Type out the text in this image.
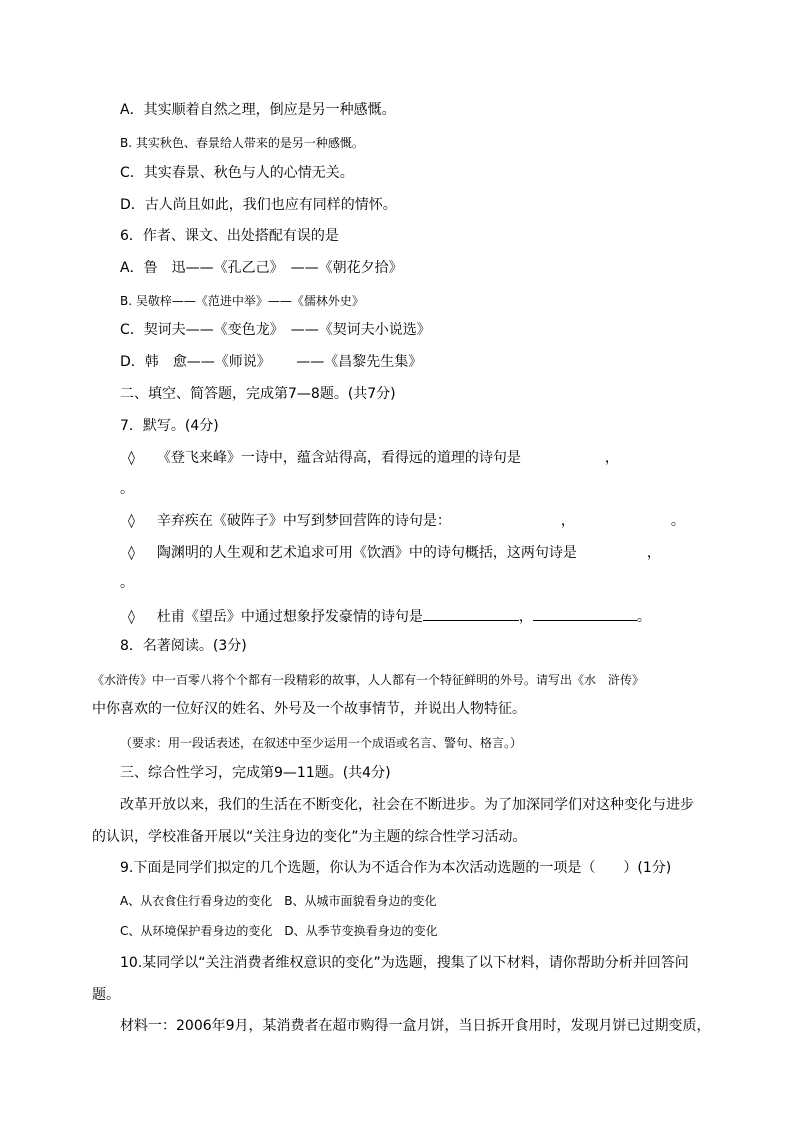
A．其实顺着自然之理，倒应是另一种感慨。
B. 其实秋色、春景给人带来的是另一种感慨。
C．其实春景、秋色与人的心情无关。
D．古人尚且如此，我们也应有同样的情怀。
6．作者、课文、出处搭配有误的是
A．鲁　迅——《孔乙己》　——《朝花夕拾》
B. 吴敬梓——《范进中举》——《儒林外史》
C．契诃夫——《变色龙》　——《契诃夫小说选》
D．韩　愈——《师说》　　 ——《昌黎先生集》
二、填空、简答题，完成第7—8题。(共7分)
7．默写。(4分)
◊ 《登飞来峰》一诗中，蕴含站得高，看得远的道理的诗句是	，
。
◊ 辛弃疾在《破阵子》中写到梦回营阵的诗句是：	，	。
◊ 陶渊明的人生观和艺术追求可用《饮酒》中的诗句概括，这两句诗是	，
。
◊ 杜甫《望岳》中通过想象抒发豪情的诗句是	，	。
8．名著阅读。(3分)
《水浒传》中一百零八将个个都有一段精彩的故事，人人都有一个特征鲜明的外号。请写出《水　浒传》
中你喜欢的一位好汉的姓名、外号及一个故事情节，并说出人物特征。
（要求：用一段话表述，在叙述中至少运用一个成语或名言、警句、格言。）
三、综合性学习，完成第9—11题。(共4分)
改革开放以来，我们的生活在不断变化，社会在不断进步。为了加深同学们对这种变化与进步
的认识，学校准备开展以“关注身边的变化”为主题的综合性学习活动。
9.下面是同学们拟定的几个选题，你认为不适合作为本次活动选题的一项是（　　）(1分)
A、从衣食住行看身边的变化　B、从城市面貌看身边的变化
C、从环境保护看身边的变化　D、从季节变换看身边的变化
10.某同学以“关注消费者维权意识的变化”为选题，搜集了以下材料，请你帮助分析并回答问
题。
材料一：2006年9月，某消费者在超市购得一盒月饼，当日拆开食用时，发现月饼已过期变质，
